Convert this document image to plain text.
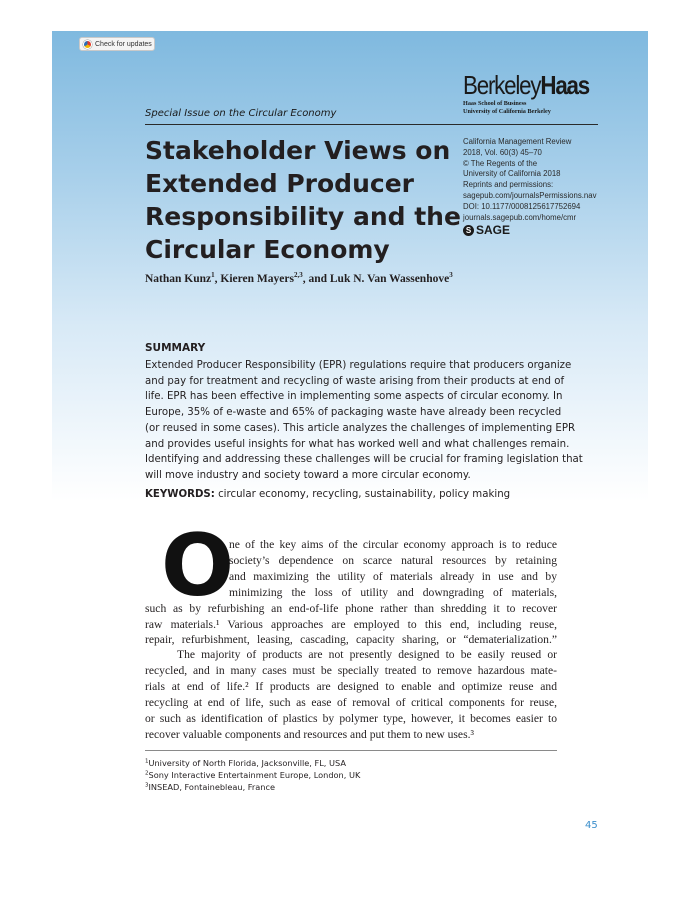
Check for updates
BerkeleyHaas
Haas School of Business
University of California Berkeley
Special Issue on the Circular Economy
Stakeholder Views on
Extended Producer
Responsibility and the
Circular Economy
California Management Review
2018, Vol. 60(3) 45–70
© The Regents of the
University of California 2018
Reprints and permissions:
sagepub.com/journalsPermissions.nav
DOI: 10.1177/0008125617752694
journals.sagepub.com/home/cmr
S SAGE
Nathan Kunz$^1$, Kieren Mayers$^{2,3}$, and Luk N. Van Wassenhove$^3$
SUMMARY
Extended Producer Responsibility (EPR) regulations require that producers organize
and pay for treatment and recycling of waste arising from their products at end of
life. EPR has been effective in implementing some aspects of circular economy. In
Europe, 35% of e-waste and 65% of packaging waste have already been recycled
(or reused in some cases). This article analyzes the challenges of implementing EPR
and provides useful insights for what has worked well and what challenges remain.
Identifying and addressing these challenges will be crucial for framing legislation that
will move industry and society toward a more circular economy.
KEYWORDS: circular economy, recycling, sustainability, policy making
O
ne of the key aims of the circular economy approach is to reduce
society’s dependence on scarce natural resources by retaining
and maximizing the utility of materials already in use and by
minimizing the loss of utility and downgrading of materials,
such as by refurbishing an end-of-life phone rather than shredding it to recover
raw materials.¹ Various approaches are employed to this end, including reuse,
repair, refurbishment, leasing, cascading, capacity sharing, or “dematerialization.”
The majority of products are not presently designed to be easily reused or
recycled, and in many cases must be specially treated to remove hazardous mate-
rials at end of life.² If products are designed to enable and optimize reuse and
recycling at end of life, such as ease of removal of critical components for reuse,
or such as identification of plastics by polymer type, however, it becomes easier to
recover valuable components and resources and put them to new uses.³
$^1$University of North Florida, Jacksonville, FL, USA
$^2$Sony Interactive Entertainment Europe, London, UK
$^3$INSEAD, Fontainebleau, France
45
